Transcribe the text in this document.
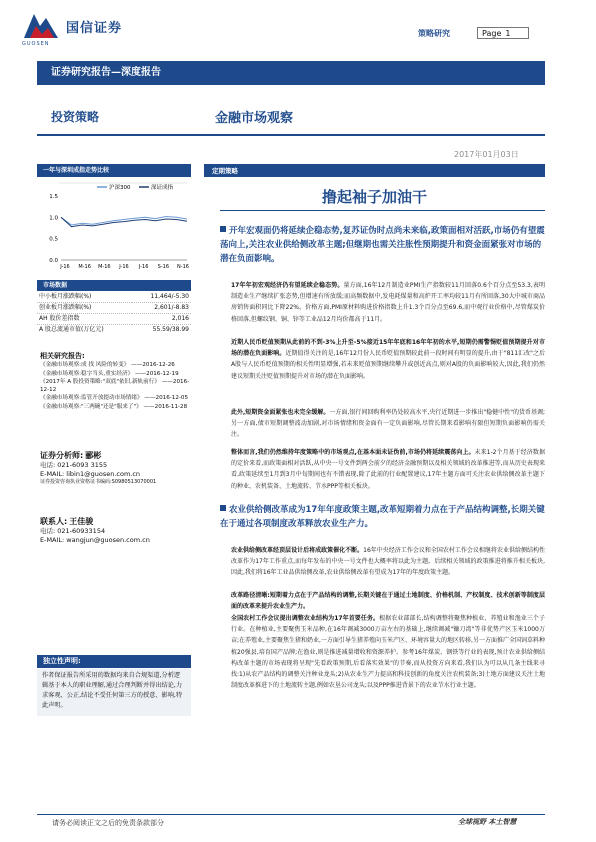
国信证券
GUOSEN
策略研究	Page 1
证券研究报告—深度报告
投资策略	金融市场观察
2017年01月03日
一年与深圳成指走势比较
沪深300	深证成指
1.5
1.0
0.5
0.0
J-16 M-16 M-16 J-16 J-16 S-16 N-16
市场数据
中小板月涨跌幅(%)	11,464/-5.30
创业板月涨跌幅(%)	2,601/-8.83
AH 股价差指数	2,016
A 股总流通市值(万亿元)	55.59/38.99
相关研究报告:
《金融市场观察:成 找 风险的转变》 ——2016-12-26
《金融市场观察:稳字当头,重实经济》 ——2016-12-19
《2017年 A 股投资策略:"双底"依旧,新轨前行》 ——2016-12-12
《金融市场观察:监管开放提动市场情绪》 ——2016-12-05
《金融市场观察:"三两碗"还是"服来了"》 ——2016-11-28
证券分析师: 郦彬
电话: 021-6093 3155
E-MAIL: libin1@guosen.com.cn
证券投资咨询执业资格证书编码:S0980513070001
联系人: 王佳骏
电话: 021-60933154
E-MAIL: wangjun@guosen.com.cn
独立性声明:
作者保证报告所采用的数据均来自合规渠道,分析逻辑基于本人的职业理解,通过合理判断并得出结论,力求客观、公正,结论不受任何第三方的授意、影响,特此声明。
定期策略
撸起袖子加油干
开年宏观面仍将延续企稳态势,复苏证伪时点尚未来临,政策面相对活跃,市场仍有望震荡向上,关注农业供给侧改革主题;但继期也需关注胀性预期提升和资金面紧张对市场的潜在负面影响。
17年年初宏观经济仍有望延续企稳态势。量方面,16年12月制造业PMI生产指数较11月回落0.6个百分点至53.3,表明制造业生产继续扩张态势,但增速有所放缓;而高频数据中,发电耗煤量和高炉开工率均较11月有所回落,30大中城市商品房销售面积同比下降22%。价格方面,PMI原材料购进价格指数上升1.3个百分点至69.6,而中观行业价格中,尽管煤炭价格回落,但螺纹钢、铜、锌等工业品12月均价都高于11月。
近期人民币贬值预期从此前的不到-3%上升至-5%接近15年年底和16年年初的水平,短期仍需警惕贬值预期提升对市场的潜在负面影响。近期值得关注的是,16年12月份人民币贬值预期较此前一段时间有明显的提升,由于"811汇改"之后A股与人民币贬值预期的相关性明显增强,若未来贬值预期继续攀升或创近高点,则对A股的负面影响较大,因此,我们仍然建议短期关注贬值预期提升对市场的潜在负面影响。
此外,短期资金面紧张也未完全缓解。一方面,银行间回购利率仍处较高水平,央行近期进一步推出"稳健中性"的货币基调;另一方面,债市短期调整波动加剧,对市场情绪和资金面有一定负面影响,尽管长期来看影响有限但短期负面影响仍需关注。
整体而言,我们仍然维持年度策略中的市场观点,在基本面未证伪前,市场仍将延续震荡向上。未来1-2个月基于经济数据的定价来看,而政策面相对活跃,从中央一号文件到两会前夕的经济金融预期以及相关领域的改革推进等,而从历史表现来看,政策延续至1月到3月中旬期间也有不错表现,除了此前的行业配置建议,17年主题方面可关注农业供给侧改革主题下的种业、农机装备、土地流转、节水PPP等相关板块。
农业供给侧改革成为17年年度政策主题,改革短期着力点在于产品结构调整,长期关键在于通过各项制度改革释放农业生产力。
农业供给侧改革经顶层设计后将成政策催化不断。16年中央经济工作会议和全国农村工作会议相继将农业供给侧结构性改革作为17年工作重点,而每年发布的中央一号文件也大概率将以此为主题。后续相关领域的政策推进将推升相关板块,因此,我们将16年工业品供给侧改革,农业供给侧改革有望成为17年的年度政策主题。
改革路径清晰:短期着力点在于产品结构的调整,长期关键在于通过土地制度、价格机制、产权制度、技术创新等制度层面的改革来提升农业生产力。
全国农村工作会议提出调整农业结构为17年首要任务。根据农业部部长,结构调整将聚焦种植业、养殖业和渔业三个子行业。在种植业,主要聚焦玉米品种,在16年调减3000万亩左右的基础上,继续调减"镰刀湾"等非优势产区玉米1000万亩;在养殖业,主要聚焦生猪和奶业,一方面引导生猪养殖向玉米产区、环境容量大的地区转移,另一方面推广全国饲草料种植20强县,培育国产品牌;在渔业,则是推进减量增收和资源养护。参考16年煤炭、钢铁等行业的表现,预计农业供给侧结构改革主题的市场表现将呈现"先看政策预期,后看落实效果"的节奏,而从投资方向来看,我们认为可以从几条主线来寻找:1)从农产品结构的调整关注种业龙头;2)从农业生产力提高和科技创新的角度关注农机装备;3)土地方面建议关注土地制度改革推进下的土地流转主题,例如农垦公司龙头;以及PPP推进背景下的农业节水行业主题。
请务必阅读正文之后的免责条款部分	全球视野 本土智慧
